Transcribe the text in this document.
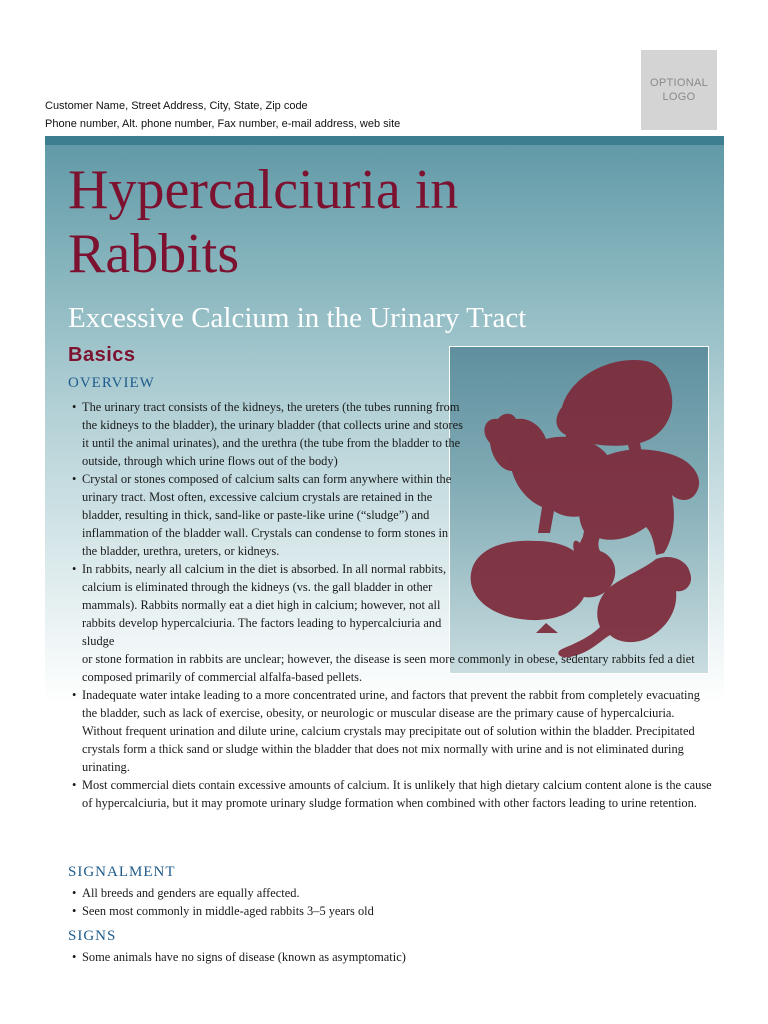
Customer Name, Street Address, City, State, Zip code
Phone number, Alt. phone number, Fax number, e-mail address, web site
OPTIONAL
LOGO
Hypercalciuria in Rabbits
Excessive Calcium in the Urinary Tract
Basics
OVERVIEW
• The urinary tract consists of the kidneys, the ureters (the tubes running from the kidneys to the bladder), the urinary bladder (that collects urine and stores it until the animal urinates), and the urethra (the tube from the bladder to the outside, through which urine flows out of the body)
• Crystal or stones composed of calcium salts can form anywhere within the urinary tract. Most often, excessive calcium crystals are retained in the bladder, resulting in thick, sand-like or paste-like urine (“sludge”) and inflammation of the bladder wall. Crystals can condense to form stones in the bladder, urethra, ureters, or kidneys.
• In rabbits, nearly all calcium in the diet is absorbed. In all normal rabbits, calcium is eliminated through the kidneys (vs. the gall bladder in other mammals). Rabbits normally eat a diet high in calcium; however, not all rabbits develop hypercalciuria. The factors leading to hypercalciuria and sludge
or stone formation in rabbits are unclear; however, the disease is seen more commonly in obese, sedentary rabbits fed a diet composed primarily of commercial alfalfa-based pellets.
• Inadequate water intake leading to a more concentrated urine, and factors that prevent the rabbit from completely evacuating the bladder, such as lack of exercise, obesity, or neurologic or muscular disease are the primary cause of hypercalciuria. Without frequent urination and dilute urine, calcium crystals may precipitate out of solution within the bladder. Precipitated crystals form a thick sand or sludge within the bladder that does not mix normally with urine and is not eliminated during urinating.
• Most commercial diets contain excessive amounts of calcium. It is unlikely that high dietary calcium content alone is the cause of hypercalciuria, but it may promote urinary sludge formation when combined with other factors leading to urine retention.
SIGNALMENT
• All breeds and genders are equally affected.
• Seen most commonly in middle-aged rabbits 3–5 years old
SIGNS
• Some animals have no signs of disease (known as asymptomatic)
